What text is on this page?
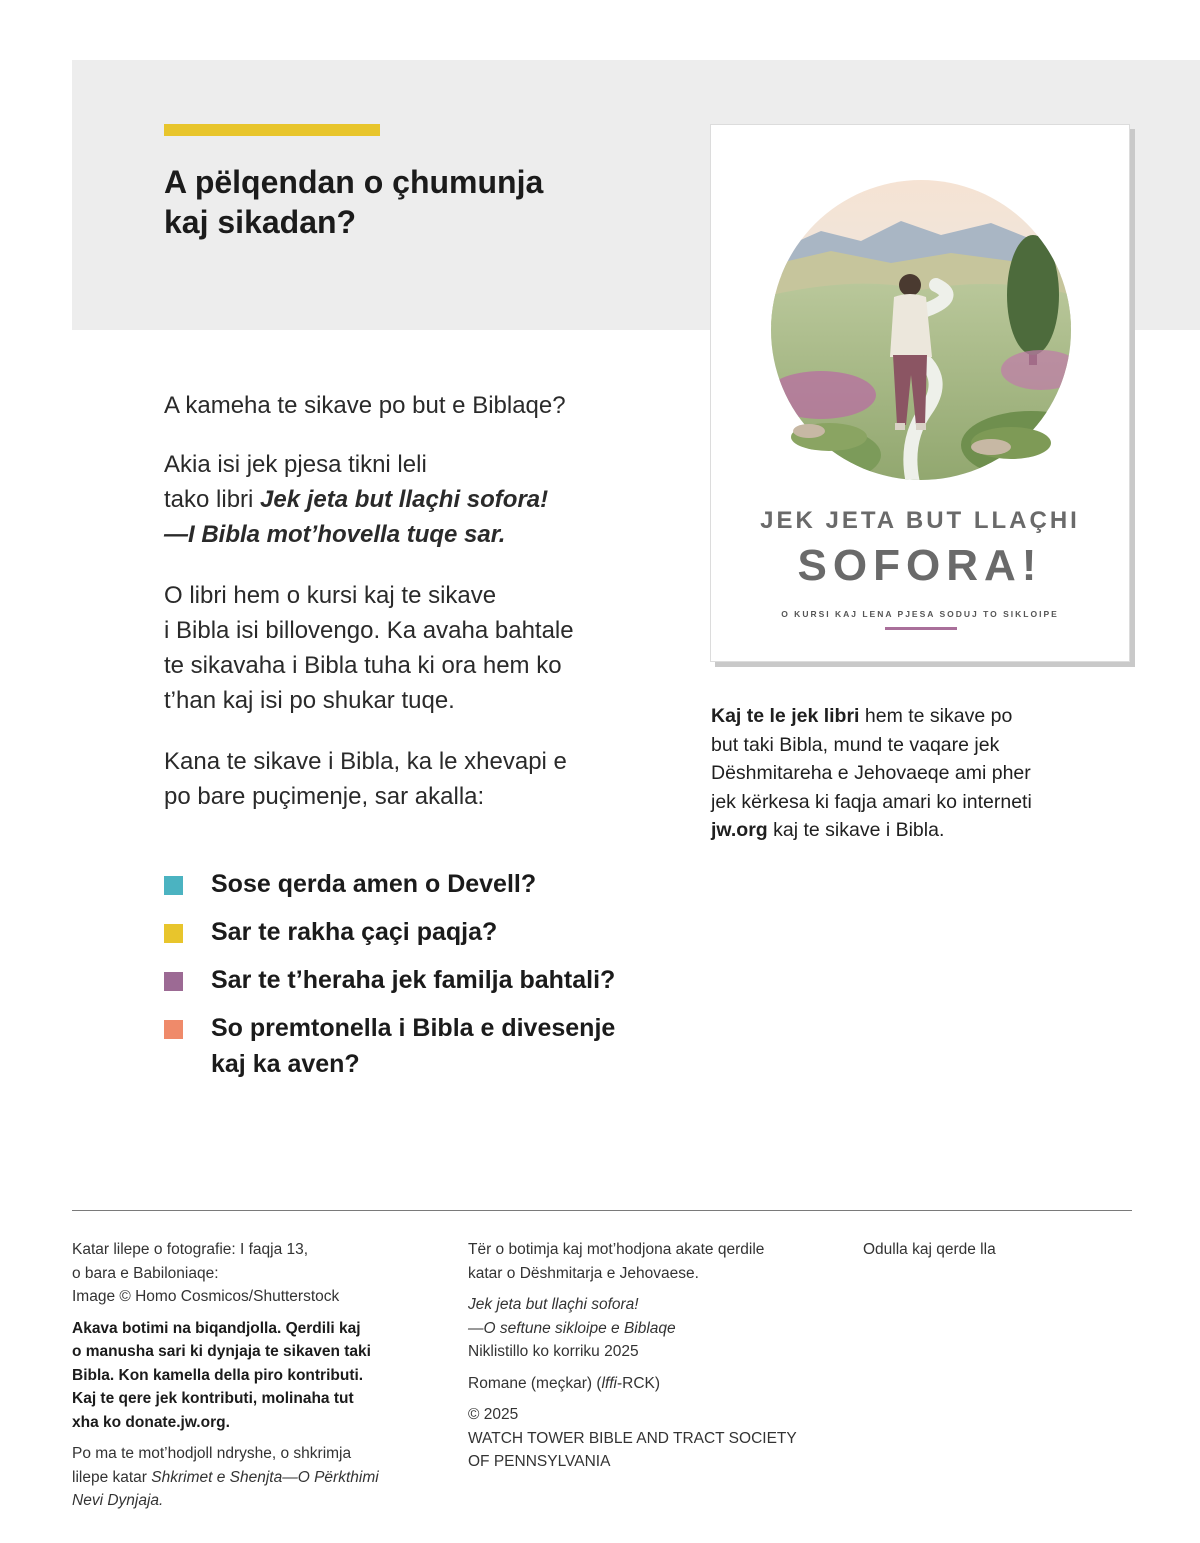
A pëlqendan o çhumunja
kaj sikadan?

A kameha te sikave po but e Biblaqe?

Akia isi jek pjesa tikni leli
tako libri Jek jeta but llaçhi sofora!
—I Bibla mot’hovella tuqe sar.

O libri hem o kursi kaj te sikave
i Bibla isi billovengo. Ka avaha bahtale
te sikavaha i Bibla tuha ki ora hem ko
t’han kaj isi po shukar tuqe.

Kana te sikave i Bibla, ka le xhevapi e
po bare puçimenje, sar akalla:

Sose qerda amen o Devell?
Sar te rakha çaçi paqja?
Sar te t’heraha jek familja bahtali?
So premtonella i Bibla e divesenje
kaj ka aven?
JEK JETA BUT LLAÇHI
SOFORA!
O KURSI KAJ LENA PJESA SODUJ TO SIKLOIPE
Kaj te le jek libri hem te sikave po
but taki Bibla, mund te vaqare jek
Dëshmitareha e Jehovaeqe ami pher
jek kërkesa ki faqja amari ko interneti
jw.org kaj te sikave i Bibla.

Katar lilepe o fotografie: I faqja 13,
o bara e Babiloniaqe:
Image © Homo Cosmicos/Shutterstock

Akava botimi na biqandjolla. Qerdili kaj
o manusha sari ki dynjaja te sikaven taki
Bibla. Kon kamella della piro kontributi.
Kaj te qere jek kontributi, molinaha tut
xha ko donate.jw.org.

Po ma te mot’hodjoll ndryshe, o shkrimja
lilepe katar Shkrimet e Shenjta—O Përkthimi
Nevi Dynjaja.

Tër o botimja kaj mot’hodjona akate qerdile
katar o Dëshmitarja e Jehovaese.

Jek jeta but llaçhi sofora!
—O seftune sikloipe e Biblaqe
Niklistillo ko korriku 2025

Romane (meçkar) (lffi-RCK)

© 2025
WATCH TOWER BIBLE AND TRACT SOCIETY
OF PENNSYLVANIA

Odulla kaj qerde lla
